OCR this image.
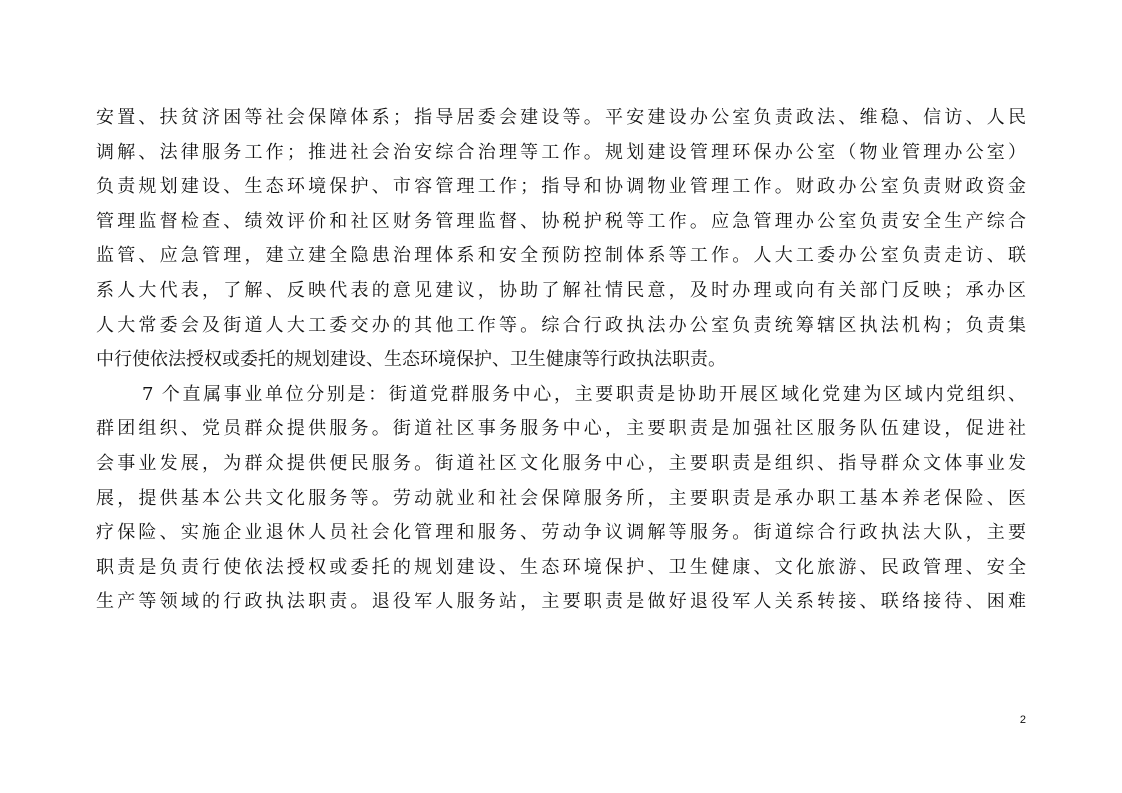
安置、扶贫济困等社会保障体系；指导居委会建设等。平安建设办公室负责政法、维稳、信访、人民
调解、法律服务工作；推进社会治安综合治理等工作。规划建设管理环保办公室（物业管理办公室）
负责规划建设、生态环境保护、市容管理工作；指导和协调物业管理工作。财政办公室负责财政资金
管理监督检查、绩效评价和社区财务管理监督、协税护税等工作。应急管理办公室负责安全生产综合
监管、应急管理，建立建全隐患治理体系和安全预防控制体系等工作。人大工委办公室负责走访、联
系人大代表，了解、反映代表的意见建议，协助了解社情民意，及时办理或向有关部门反映；承办区
人大常委会及街道人大工委交办的其他工作等。综合行政执法办公室负责统筹辖区执法机构；负责集
中行使依法授权或委托的规划建设、生态环境保护、卫生健康等行政执法职责。
7 个直属事业单位分别是：街道党群服务中心，主要职责是协助开展区域化党建为区域内党组织、
群团组织、党员群众提供服务。街道社区事务服务中心，主要职责是加强社区服务队伍建设，促进社
会事业发展，为群众提供便民服务。街道社区文化服务中心，主要职责是组织、指导群众文体事业发
展，提供基本公共文化服务等。劳动就业和社会保障服务所，主要职责是承办职工基本养老保险、医
疗保险、实施企业退休人员社会化管理和服务、劳动争议调解等服务。街道综合行政执法大队，主要
职责是负责行使依法授权或委托的规划建设、生态环境保护、卫生健康、文化旅游、民政管理、安全
生产等领域的行政执法职责。退役军人服务站，主要职责是做好退役军人关系转接、联络接待、困难
2
